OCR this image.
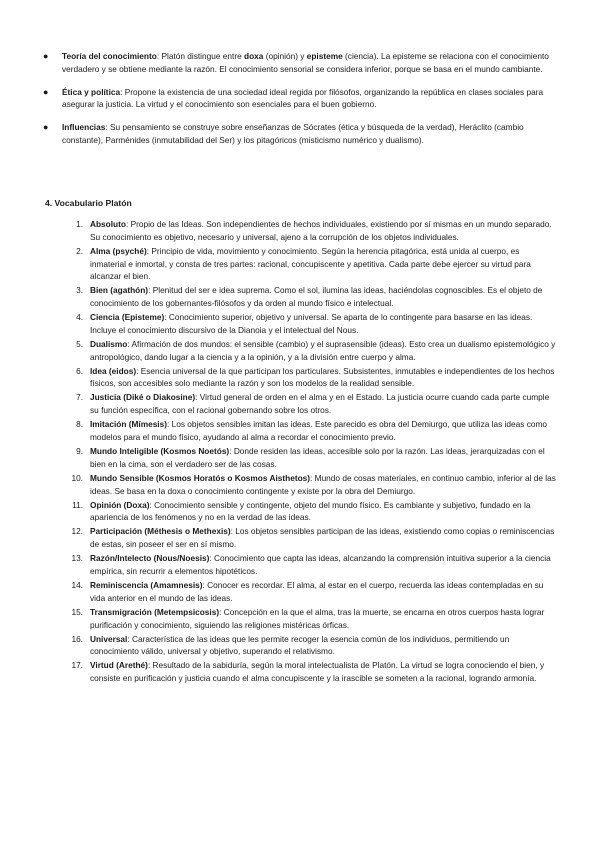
● Teoría del conocimiento: Platón distingue entre doxa (opinión) y episteme (ciencia). La episteme se relaciona con el conocimiento verdadero y se obtiene mediante la razón. El conocimiento sensorial se considera inferior, porque se basa en el mundo cambiante.
● Ética y política: Propone la existencia de una sociedad ideal regida por filósofos, organizando la república en clases sociales para asegurar la justicia. La virtud y el conocimiento son esenciales para el buen gobierno.
● Influencias: Su pensamiento se construye sobre enseñanzas de Sócrates (ética y búsqueda de la verdad), Heráclito (cambio constante), Parménides (inmutabilidad del Ser) y los pitagóricos (misticismo numérico y dualismo).
4. Vocabulario Platón
1. Absoluto: Propio de las Ideas. Son independientes de hechos individuales, existiendo por sí mismas en un mundo separado. Su conocimiento es objetivo, necesario y universal, ajeno a la corrupción de los objetos individuales.
2. Alma (psyché): Principio de vida, movimiento y conocimiento. Según la herencia pitagórica, está unida al cuerpo, es inmaterial e inmortal, y consta de tres partes: racional, concupiscente y apetitiva. Cada parte debe ejercer su virtud para alcanzar el bien.
3. Bien (agathón): Plenitud del ser e idea suprema. Como el sol, ilumina las ideas, haciéndolas cognoscibles. Es el objeto de conocimiento de los gobernantes-filósofos y da orden al mundo físico e intelectual.
4. Ciencia (Episteme): Conocimiento superior, objetivo y universal. Se aparta de lo contingente para basarse en las ideas. Incluye el conocimiento discursivo de la Dianoia y el intelectual del Nous.
5. Dualismo: Afirmación de dos mundos: el sensible (cambio) y el suprasensible (ideas). Esto crea un dualismo epistemológico y antropológico, dando lugar a la ciencia y a la opinión, y a la división entre cuerpo y alma.
6. Idea (eidos): Esencia universal de la que participan los particulares. Subsistentes, inmutables e independientes de los hechos físicos, son accesibles solo mediante la razón y son los modelos de la realidad sensible.
7. Justicia (Diké o Diakosine): Virtud general de orden en el alma y en el Estado. La justicia ocurre cuando cada parte cumple su función específica, con el racional gobernando sobre los otros.
8. Imitación (Mímesis): Los objetos sensibles imitan las ideas. Este parecido es obra del Demiurgo, que utiliza las ideas como modelos para el mundo físico, ayudando al alma a recordar el conocimiento previo.
9. Mundo Inteligible (Kosmos Noetós): Donde residen las ideas, accesible solo por la razón. Las ideas, jerarquizadas con el bien en la cima, son el verdadero ser de las cosas.
10. Mundo Sensible (Kosmos Horatós o Kosmos Aisthetos): Mundo de cosas materiales, en continuo cambio, inferior al de las ideas. Se basa en la doxa o conocimiento contingente y existe por la obra del Demiurgo.
11. Opinión (Doxa): Conocimiento sensible y contingente, objeto del mundo físico. Es cambiante y subjetivo, fundado en la apariencia de los fenómenos y no en la verdad de las ideas.
12. Participación (Méthesis o Methexis): Los objetos sensibles participan de las ideas, existiendo como copias o reminiscencias de estas, sin poseer el ser en sí mismo.
13. Razón/Intelecto (Nous/Noesis): Conocimiento que capta las ideas, alcanzando la comprensión intuitiva superior a la ciencia empírica, sin recurrir a elementos hipotéticos.
14. Reminiscencia (Amamnesis): Conocer es recordar. El alma, al estar en el cuerpo, recuerda las ideas contempladas en su vida anterior en el mundo de las ideas.
15. Transmigración (Metempsicosis): Concepción en la que el alma, tras la muerte, se encarna en otros cuerpos hasta lograr purificación y conocimiento, siguiendo las religiones mistéricas órficas.
16. Universal: Característica de las ideas que les permite recoger la esencia común de los individuos, permitiendo un conocimiento válido, universal y objetivo, superando el relativismo.
17. Virtud (Arethé): Resultado de la sabiduría, según la moral intelectualista de Platón. La virtud se logra conociendo el bien, y consiste en purificación y justicia cuando el alma concupiscente y la irascible se someten a la racional, logrando armonía.
